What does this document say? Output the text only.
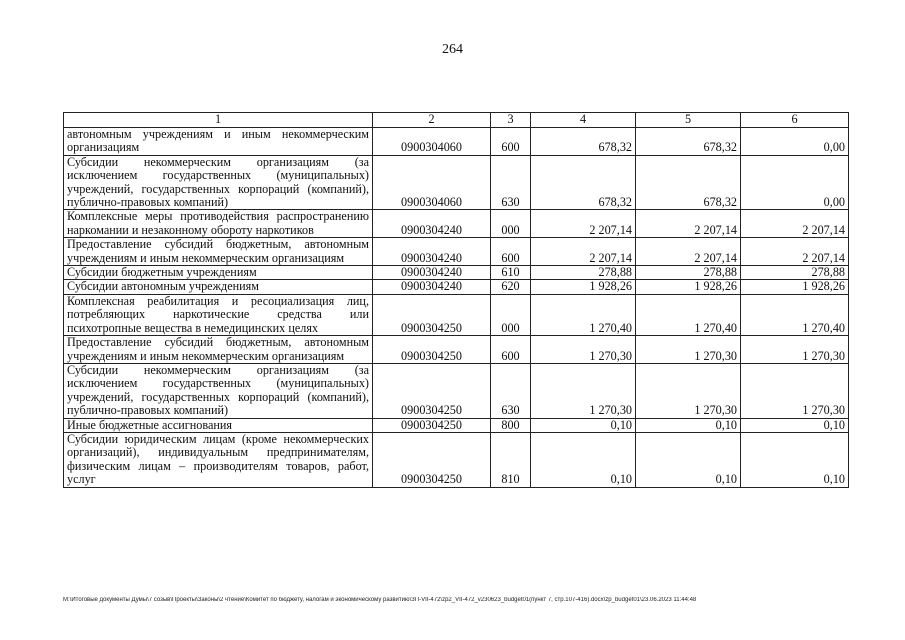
264
1	2	3	4	5	6
автономным учреждениям и иным некоммерческим организациям	0900304060	600	678,32	678,32	0,00
Субсидии некоммерческим организациям (за исключением государственных (муниципальных) учреждений, государственных корпораций (компаний), публично-правовых компаний)	0900304060	630	678,32	678,32	0,00
Комплексные меры противодействия распространению наркомании и незаконному обороту наркотиков	0900304240	000	2 207,14	2 207,14	2 207,14
Предоставление субсидий бюджетным, автономным учреждениям и иным некоммерческим организациям	0900304240	600	2 207,14	2 207,14	2 207,14
Субсидии бюджетным учреждениям	0900304240	610	278,88	278,88	278,88
Субсидии автономным учреждениям	0900304240	620	1 928,26	1 928,26	1 928,26
Комплексная реабилитация и ресоциализация лиц, потребляющих наркотические средства или психотропные вещества в немедицинских целях	0900304250	000	1 270,40	1 270,40	1 270,40
Предоставление субсидий бюджетным, автономным учреждениям и иным некоммерческим организациям	0900304250	600	1 270,30	1 270,30	1 270,30
Субсидии некоммерческим организациям (за исключением государственных (муниципальных) учреждений, государственных корпораций (компаний), публично-правовых компаний)	0900304250	630	1 270,30	1 270,30	1 270,30
Иные бюджетные ассигнования	0900304250	800	0,10	0,10	0,10
Субсидии юридическим лицам (кроме некоммерческих организаций), индивидуальным предпринимателям, физическим лицам – производителям товаров, работ, услуг	0900304250	810	0,10	0,10	0,10
М:\Итоговые документы Думы\7 созыв\Проекты\Законы\2 чтение\Комитет по бюджету, налогам и экономическому развитию\ЗП-VII-472\zp2_VII-472_v230623_budget01(пункт 7, стр.107-416).docx\zp_budget01\23.06.2023 11:44:48
